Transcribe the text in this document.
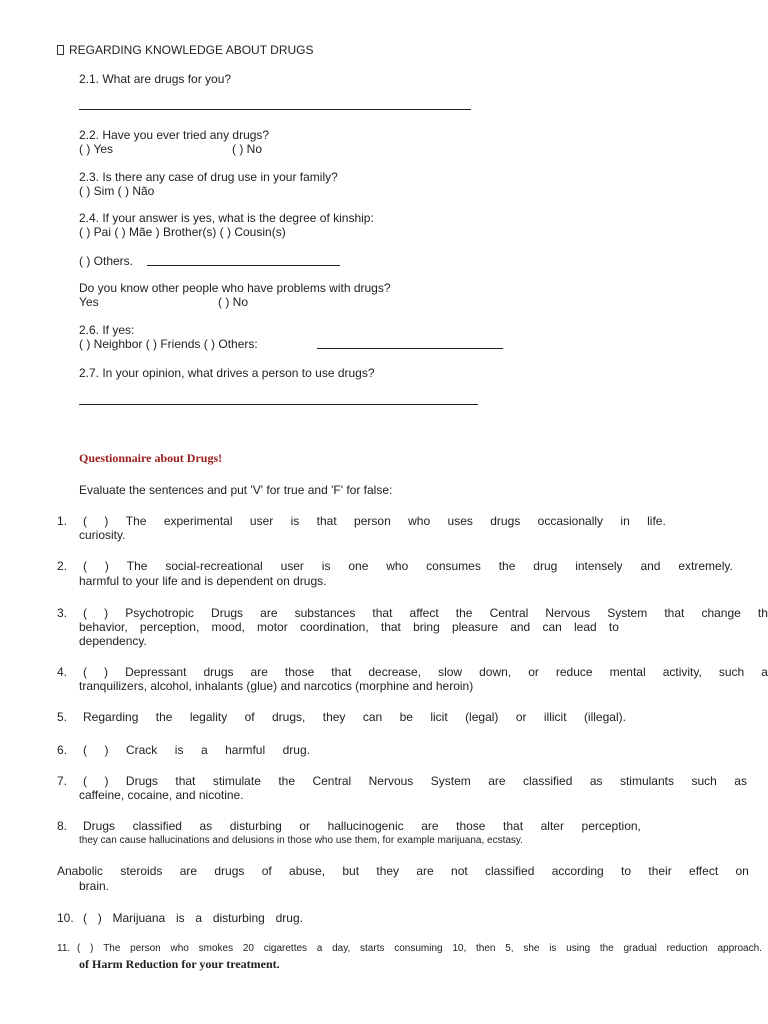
REGARDING KNOWLEDGE ABOUT DRUGS
2.1. What are drugs for you?
2.2. Have you ever tried any drugs?
( ) Yes	( ) No
2.3. Is there any case of drug use in your family?
( ) Sim ( ) Não
2.4. If your answer is yes, what is the degree of kinship:
( ) Pai ( ) Mãe ) Brother(s) ( ) Cousin(s)
( ) Others.
Do you know other people who have problems with drugs?
Yes	( ) No
2.6. If yes:
( ) Neighbor ( ) Friends ( ) Others:
2.7. In your opinion, what drives a person to use drugs?
Questionnaire about Drugs!
Evaluate the sentences and put 'V' for true and 'F' for false:
1. ( ) The experimental user is that person who uses drugs occasionally in life.
curiosity.
2. ( ) The social-recreational user is one who consumes the drug intensely and extremely.
harmful to your life and is dependent on drugs.
3. ( ) Psychotropic Drugs are substances that affect the Central Nervous System that change th
behavior, perception, mood, motor coordination, that bring pleasure and can lead to
dependency.
4. ( ) Depressant drugs are those that decrease, slow down, or reduce mental activity, such a
tranquilizers, alcohol, inhalants (glue) and narcotics (morphine and heroin)
5. Regarding the legality of drugs, they can be licit (legal) or illicit (illegal).
6. ( ) Crack is a harmful drug.
7. ( ) Drugs that stimulate the Central Nervous System are classified as stimulants such as
caffeine, cocaine, and nicotine.
8. Drugs classified as disturbing or hallucinogenic are those that alter perception,
they can cause hallucinations and delusions in those who use them, for example marijuana, ecstasy.
Anabolic steroids are drugs of abuse, but they are not classified according to their effect on
brain.
10. ( ) Marijuana is a disturbing drug.
11. ( ) The person who smokes 20 cigarettes a day, starts consuming 10, then 5, she is using the gradual reduction approach.
of Harm Reduction for your treatment.
